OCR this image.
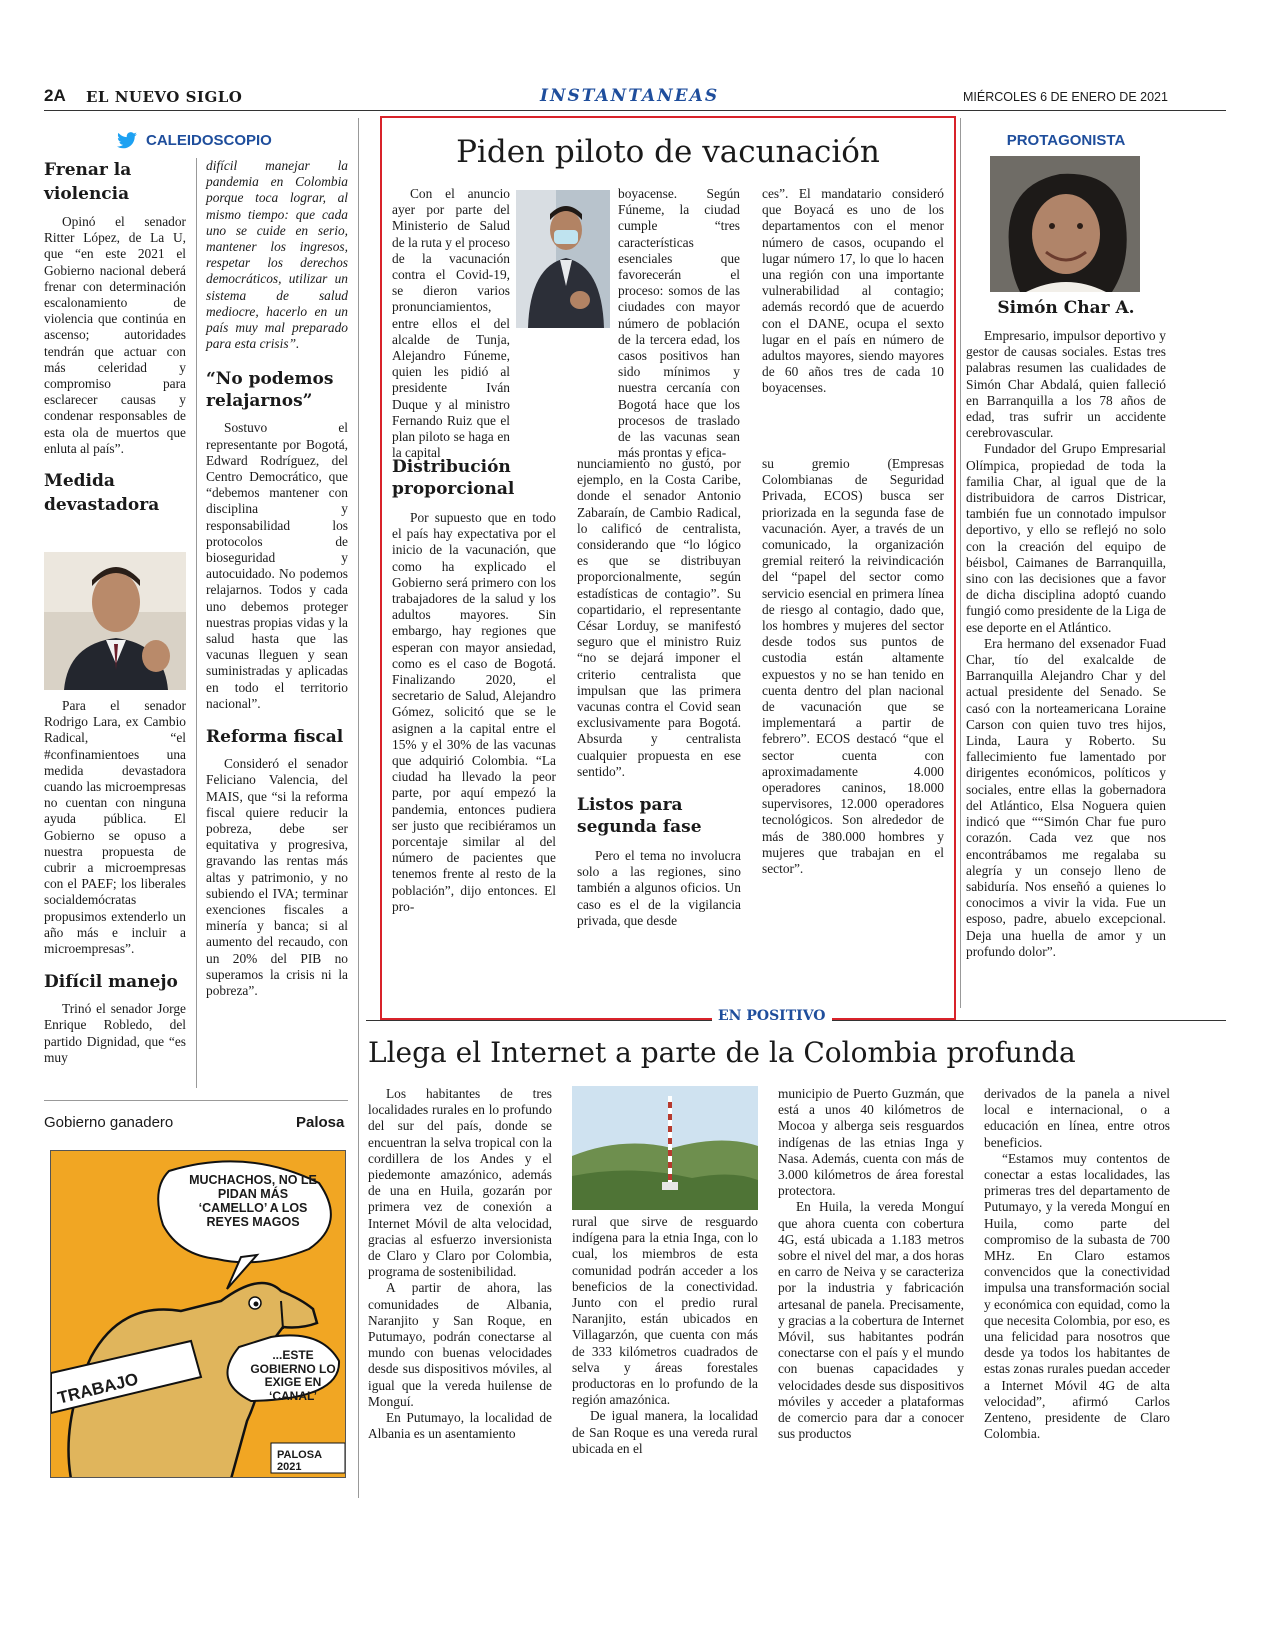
2A EL NUEVO SIGLO	INSTANTANEAS	MIÉRCOLES 6 DE ENERO DE 2021
CALEIDOSCOPIO
Frenar la violencia

Opinó el senador Ritter López, de La U, que “en este 2021 el Gobierno nacional deberá frenar con determinación escalonamiento de violencia que continúa en ascenso; autoridades tendrán que actuar con más celeridad y compromiso para esclarecer causas y condenar responsables de esta ola de muertos que enluta al país”.

Medida devastadora

Para el senador Rodrigo Lara, ex Cambio Radical, “el #confinamientoes una medida devastadora cuando las microempresas no cuentan con ninguna ayuda pública. El Gobierno se opuso a nuestra propuesta de cubrir a microempresas con el PAEF; los liberales socialdemócratas propusimos extenderlo un año más e incluir a microempresas”.

Difícil manejo

Trinó el senador Jorge Enrique Robledo, del partido Dignidad, que “es muy

difícil manejar la pandemia en Colombia porque toca lograr, al mismo tiempo: que cada uno se cuide en serio, mantener los ingresos, respetar los derechos democráticos, utilizar un sistema de salud mediocre, hacerlo en un país muy mal preparado para esta crisis”.
“No podemos relajarnos”

Sostuvo el representante por Bogotá, Edward Rodríguez, del Centro Democrático, que “debemos mantener con disciplina y responsabilidad los protocolos de bioseguridad y autocuidado. No podemos relajarnos. Todos y cada uno debemos proteger nuestras propias vidas y la salud hasta que las vacunas lleguen y sean suministradas y aplicadas en todo el territorio nacional”.

Reforma fiscal

Consideró el senador Feliciano Valencia, del MAIS, que “si la reforma fiscal quiere reducir la pobreza, debe ser equitativa y progresiva, gravando las rentas más altas y patrimonio, y no subiendo el IVA; terminar exenciones fiscales a minería y banca; si al aumento del recaudo, con un 20% del PIB no superamos la crisis ni la pobreza”.

Gobierno ganadero	Palosa
MUCHACHOS, NO LE PIDAN MÁS ‘CAMELLO’ A LOS REYES MAGOS
TRABAJO
...ESTE GOBIERNO LO EXIGE EN ‘CANAL’
PALOSA 2021
Piden piloto de vacunación

Con el anuncio ayer por parte del Ministerio de Salud de la ruta y el proceso de la vacunación contra el Covid-19, se dieron varios pronunciamientos, entre ellos el del alcalde de Tunja, Alejandro Fúneme, quien les pidió al presidente Iván Duque y al ministro Fernando Ruiz que el plan piloto se haga en la capital

boyacense. Según Fúneme, la ciudad cumple “tres características esenciales que favorecerán el proceso: somos de las ciudades con mayor número de población de la tercera edad, los casos positivos han sido mínimos y nuestra cercanía con Bogotá hace que los procesos de traslado de las vacunas sean más prontas y efica-

ces”. El mandatario consideró que Boyacá es uno de los departamentos con el menor número de casos, ocupando el lugar número 17, lo que lo hacen una región con una importante vulnerabilidad al contagio; además recordó que de acuerdo con el DANE, ocupa el sexto lugar en el país en número de adultos mayores, siendo mayores de 60 años tres de cada 10 boyacenses.

Distribución proporcional

Por supuesto que en todo el país hay expectativa por el inicio de la vacunación, que como ha explicado el Gobierno será primero con los trabajadores de la salud y los adultos mayores. Sin embargo, hay regiones que esperan con mayor ansiedad, como es el caso de Bogotá. Finalizando 2020, el secretario de Salud, Alejandro Gómez, solicitó que se le asignen a la capital entre el 15% y el 30% de las vacunas que adquirió Colombia. “La ciudad ha llevado la peor parte, por aquí empezó la pandemia, entonces pudiera ser justo que recibiéramos un porcentaje similar al del número de pacientes que tenemos frente al resto de la población”, dijo entonces. El pro-

nunciamiento no gustó, por ejemplo, en la Costa Caribe, donde el senador Antonio Zabaraín, de Cambio Radical, lo calificó de centralista, considerando que “lo lógico es que se distribuyan proporcionalmente, según estadísticas de contagio”. Su copartidario, el representante César Lorduy, se manifestó seguro que el ministro Ruiz “no se dejará imponer el criterio centralista que impulsan que las primera vacunas contra el Covid sean exclusivamente para Bogotá. Absurda y centralista cualquier propuesta en ese sentido”.

Listos para segunda fase

Pero el tema no involucra solo a las regiones, sino también a algunos oficios. Un caso es el de la vigilancia privada, que desde

su gremio (Empresas Colombianas de Seguridad Privada, ECOS) busca ser priorizada en la segunda fase de vacunación. Ayer, a través de un comunicado, la organización gremial reiteró la reivindicación del “papel del sector como servicio esencial en primera línea de riesgo al contagio, dado que, los hombres y mujeres del sector desde todos sus puntos de custodia están altamente expuestos y no se han tenido en cuenta dentro del plan nacional de vacunación que se implementará a partir de febrero”. ECOS destacó “que el sector cuenta con aproximadamente 4.000 operadores caninos, 18.000 supervisores, 12.000 operadores tecnológicos. Son alrededor de más de 380.000 hombres y mujeres que trabajan en el sector”.

PROTAGONISTA
Simón Char A.

Empresario, impulsor deportivo y gestor de causas sociales. Estas tres palabras resumen las cualidades de Simón Char Abdalá, quien falleció en Barranquilla a los 78 años de edad, tras sufrir un accidente cerebrovascular.

Fundador del Grupo Empresarial Olímpica, propiedad de toda la familia Char, al igual que de la distribuidora de carros Districar, también fue un connotado impulsor deportivo, y ello se reflejó no solo con la creación del equipo de béisbol, Caimanes de Barranquilla, sino con las decisiones que a favor de dicha disciplina adoptó cuando fungió como presidente de la Liga de ese deporte en el Atlántico.

Era hermano del exsenador Fuad Char, tío del exalcalde de Barranquilla Alejandro Char y del actual presidente del Senado. Se casó con la norteamericana Loraine Carson con quien tuvo tres hijos, Linda, Laura y Roberto. Su fallecimiento fue lamentado por dirigentes económicos, políticos y sociales, entre ellas la gobernadora del Atlántico, Elsa Noguera quien indicó que ““Simón Char fue puro corazón. Cada vez que nos encontrábamos me regalaba su alegría y un consejo lleno de sabiduría. Nos enseñó a quienes lo conocimos a vivir la vida. Fue un esposo, padre, abuelo excepcional. Deja una huella de amor y un profundo dolor”.

EN POSITIVO
Llega el Internet a parte de la Colombia profunda

Los habitantes de tres localidades rurales en lo profundo del sur del país, donde se encuentran la selva tropical con la cordillera de los Andes y el piedemonte amazónico, además de una en Huila, gozarán por primera vez de conexión a Internet Móvil de alta velocidad, gracias al esfuerzo inversionista de Claro y Claro por Colombia, programa de sostenibilidad.

A partir de ahora, las comunidades de Albania, Naranjito y San Roque, en Putumayo, podrán conectarse al mundo con buenas velocidades desde sus dispositivos móviles, al igual que la vereda huilense de Monguí.

En Putumayo, la localidad de Albania es un asentamiento

rural que sirve de resguardo indígena para la etnia Inga, con lo cual, los miembros de esta comunidad podrán acceder a los beneficios de la conectividad. Junto con el predio rural Naranjito, están ubicados en Villagarzón, que cuenta con más de 333 kilómetros cuadrados de selva y áreas forestales productoras en lo profundo de la región amazónica.

De igual manera, la localidad de San Roque es una vereda rural ubicada en el

municipio de Puerto Guzmán, que está a unos 40 kilómetros de Mocoa y alberga seis resguardos indígenas de las etnias Inga y Nasa. Además, cuenta con más de 3.000 kilómetros de área forestal protectora.

En Huila, la vereda Monguí que ahora cuenta con cobertura 4G, está ubicada a 1.183 metros sobre el nivel del mar, a dos horas en carro de Neiva y se caracteriza por la industria y fabricación artesanal de panela. Precisamente, y gracias a la cobertura de Internet Móvil, sus habitantes podrán conectarse con el país y el mundo con buenas capacidades y velocidades desde sus dispositivos móviles y acceder a plataformas de comercio para dar a conocer sus productos

derivados de la panela a nivel local e internacional, o a educación en línea, entre otros beneficios.

“Estamos muy contentos de conectar a estas localidades, las primeras tres del departamento de Putumayo, y la vereda Monguí en Huila, como parte del compromiso de la subasta de 700 MHz. En Claro estamos convencidos que la conectividad impulsa una transformación social y económica con equidad, como la que necesita Colombia, por eso, es una felicidad para nosotros que desde ya todos los habitantes de estas zonas rurales puedan acceder a Internet Móvil 4G de alta velocidad”, afirmó Carlos Zenteno, presidente de Claro Colombia.
